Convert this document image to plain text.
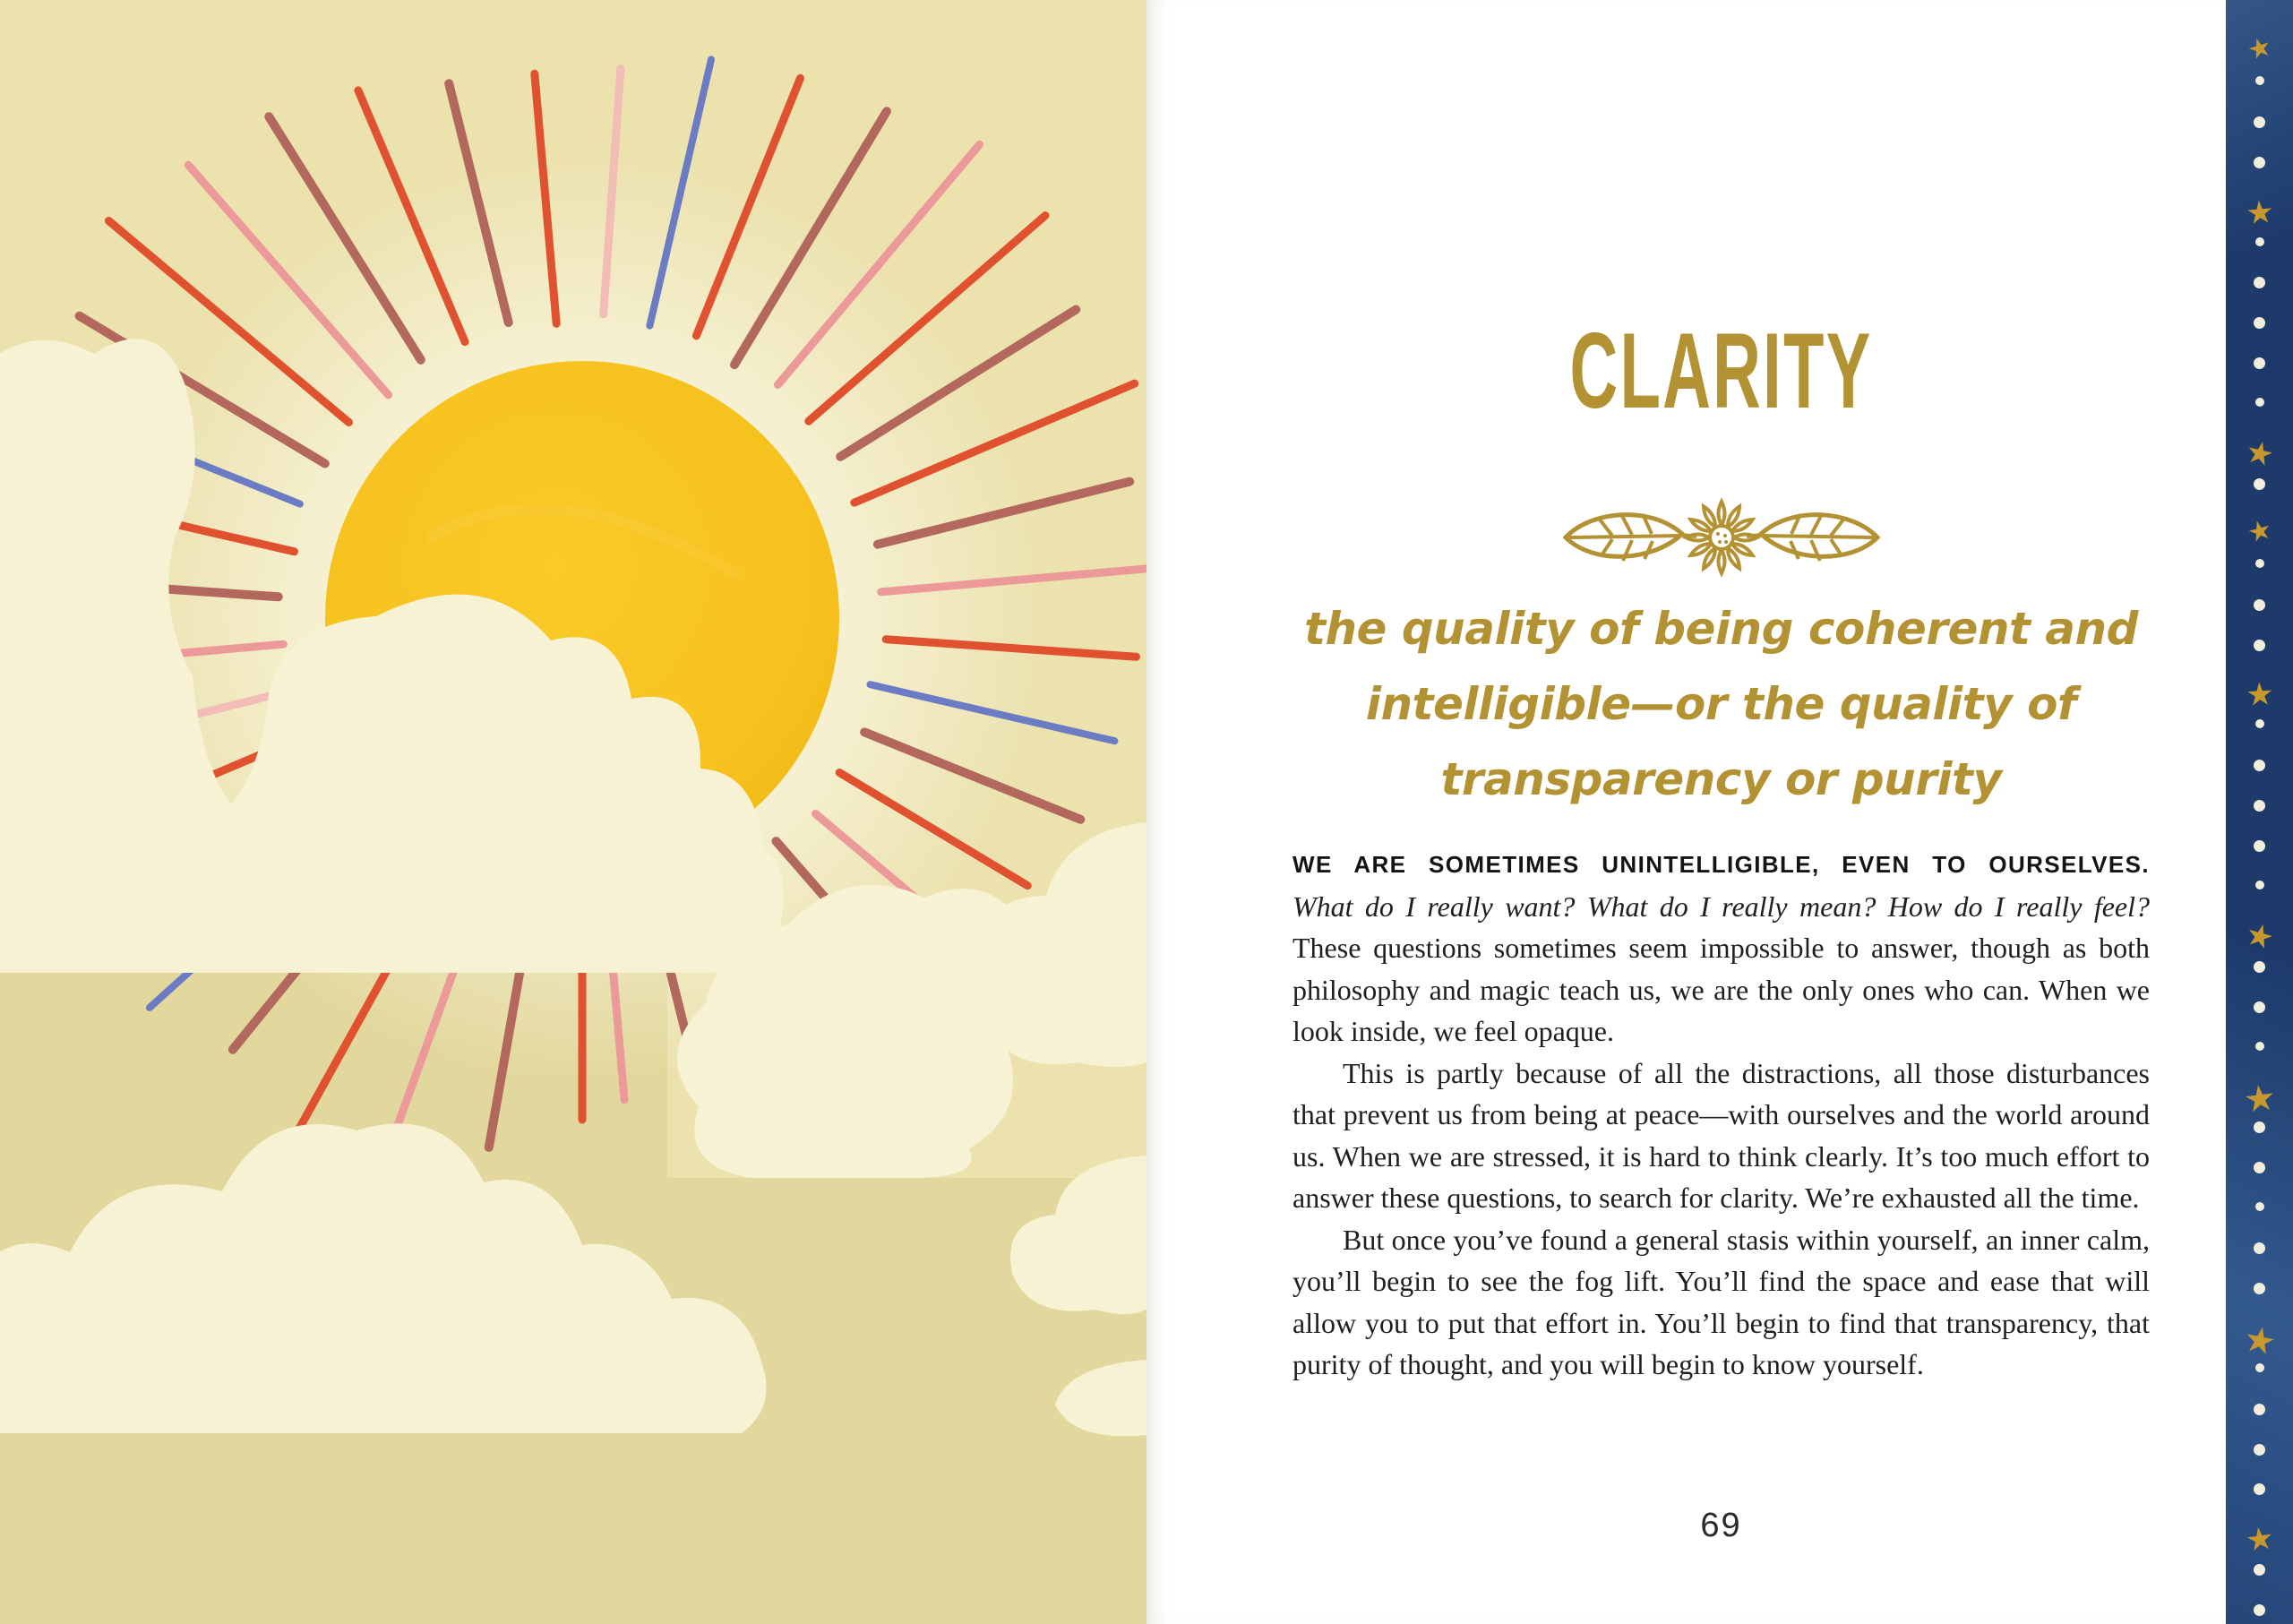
CLARITY
the quality of being coherent and
intelligible—or the quality of
transparency or purity

WE ARE SOMETIMES UNINTELLIGIBLE, EVEN TO OURSELVES.
What do I really want? What do I really mean? How do I really feel? These questions sometimes seem impossible to answer, though as both philosophy and magic teach us, we are the only ones who can. When we look inside, we feel opaque.

This is partly because of all the distractions, all those disturbances that prevent us from being at peace—with ourselves and the world around us. When we are stressed, it is hard to think clearly. It’s too much effort to answer these questions, to search for clarity. We’re exhausted all the time.

But once you’ve found a general stasis within yourself, an inner calm, you’ll begin to see the fog lift. You’ll find the space and ease that will allow you to put that effort in. You’ll begin to find that transparency, that purity of thought, and you will begin to know yourself.

69
★
★
★
★
★
★
★
★
★
